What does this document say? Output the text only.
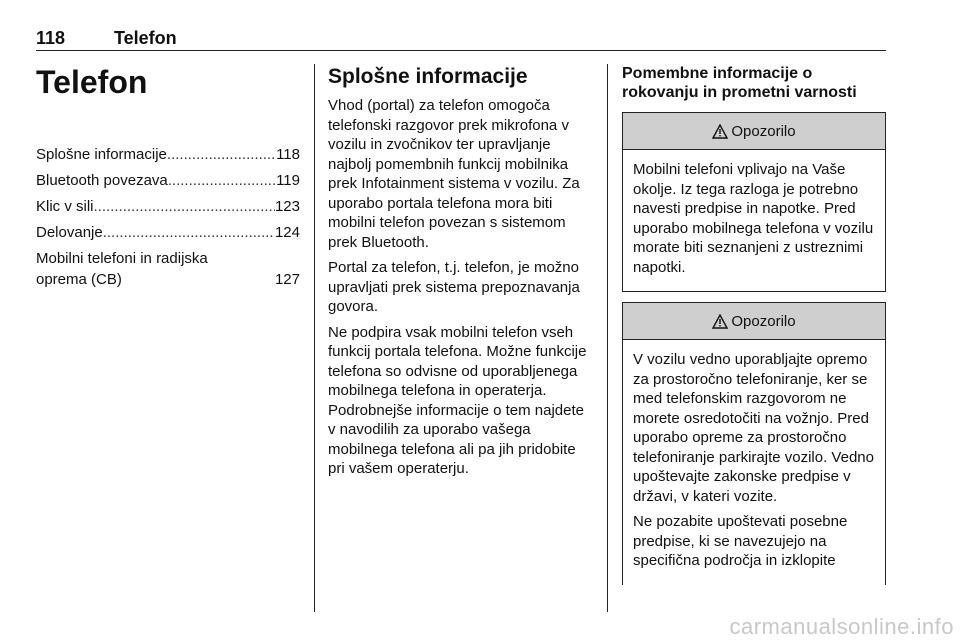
118	Telefon
Telefon
Splošne informacije .....	118
Bluetooth povezava .....	119
Klic v sili .....	123
Delovanje .....	124
Mobilni telefoni in radijska
oprema (CB)	127
Splošne informacije

Vhod (portal) za telefon omogoča telefonski razgovor prek mikrofona v vozilu in zvočnikov ter upravljanje najbolj pomembnih funkcij mobilnika prek Infotainment sistema v vozilu. Za uporabo portala telefona mora biti mobilni telefon povezan s sistemom prek Bluetooth.

Portal za telefon, t.j. telefon, je možno upravljati prek sistema prepoznavanja govora.

Ne podpira vsak mobilni telefon vseh funkcij portala telefona. Možne funkcije telefona so odvisne od uporabljenega mobilnega telefona in operaterja. Podrobnejše informacije o tem najdete v navodilih za uporabo vašega mobilnega telefona ali pa jih pridobite pri vašem operaterju.

Pomembne informacije o rokovanju in prometni varnosti
Opozorilo

Mobilni telefoni vplivajo na Vaše okolje. Iz tega razloga je potrebno navesti predpise in napotke. Pred uporabo mobilnega telefona v vozilu morate biti seznanjeni z ustreznimi napotki.

Opozorilo

V vozilu vedno uporabljajte opremo za prostoročno telefoniranje, ker se med telefonskim razgovorom ne morete osredotočiti na vožnjo. Pred uporabo opreme za prostoročno telefoniranje parkirajte vozilo. Vedno upoštevajte zakonske predpise v državi, v kateri vozite.

Ne pozabite upoštevati posebne predpise, ki se navezujejo na specifična področja in izklopite

carmanualsonline.info
